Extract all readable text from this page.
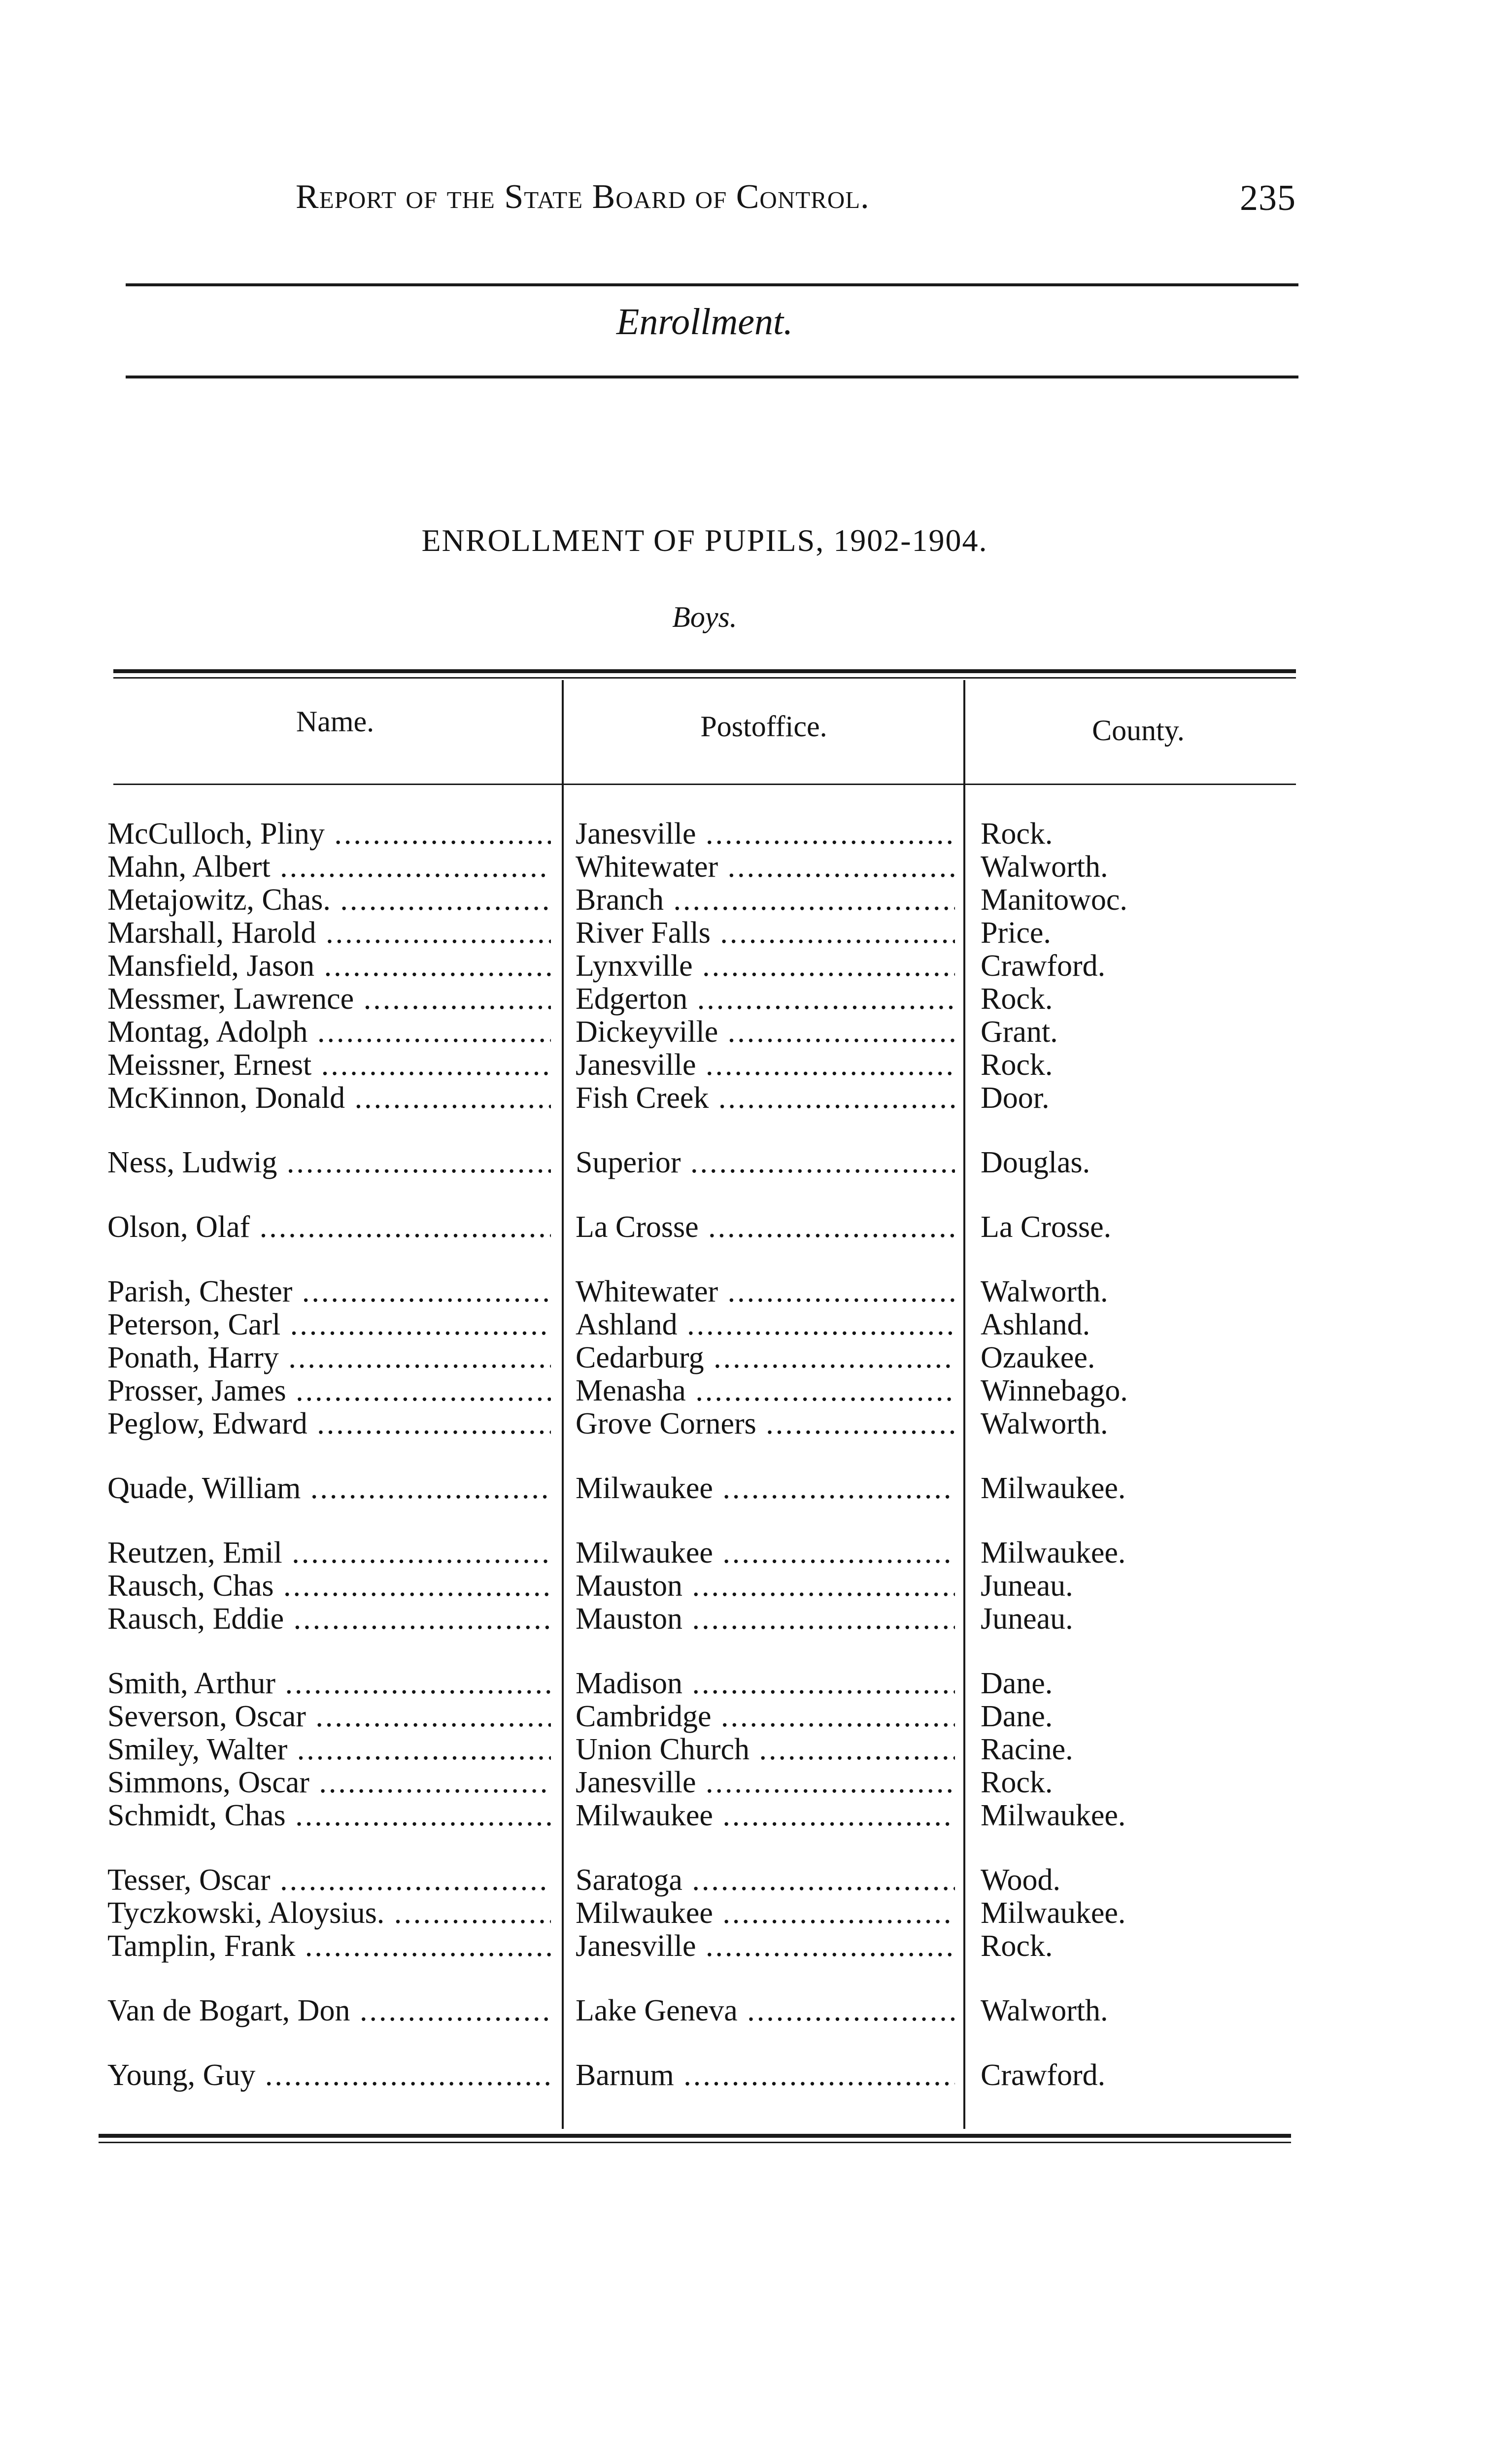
Report of the State Board of Control.	235
Enrollment.
ENROLLMENT OF PUPILS, 1902-1904.
Boys.
Name.	Postoffice.	County.
McCulloch, Pliny .....	Janesville .....	Rock.
Mahn, Albert .....	Whitewater .....	Walworth.
Metajowitz, Chas. .....	Branch .....	Manitowoc.
Marshall, Harold .....	River Falls .....	Price.
Mansfield, Jason .....	Lynxville .....	Crawford.
Messmer, Lawrence .....	Edgerton .....	Rock.
Montag, Adolph .....	Dickeyville .....	Grant.
Meissner, Ernest .....	Janesville .....	Rock.
McKinnon, Donald .....	Fish Creek .....	Door.
Ness, Ludwig .....	Superior .....	Douglas.
Olson, Olaf .....	La Crosse .....	La Crosse.
Parish, Chester .....	Whitewater .....	Walworth.
Peterson, Carl .....	Ashland .....	Ashland.
Ponath, Harry .....	Cedarburg .....	Ozaukee.
Prosser, James .....	Menasha .....	Winnebago.
Peglow, Edward .....	Grove Corners .....	Walworth.
Quade, William .....	Milwaukee .....	Milwaukee.
Reutzen, Emil .....	Milwaukee .....	Milwaukee.
Rausch, Chas .....	Mauston .....	Juneau.
Rausch, Eddie .....	Mauston .....	Juneau.
Smith, Arthur .....	Madison .....	Dane.
Severson, Oscar .....	Cambridge .....	Dane.
Smiley, Walter .....	Union Church .....	Racine.
Simmons, Oscar .....	Janesville .....	Rock.
Schmidt, Chas .....	Milwaukee .....	Milwaukee.
Tesser, Oscar .....	Saratoga .....	Wood.
Tyczkowski, Aloysius. .....	Milwaukee .....	Milwaukee.
Tamplin, Frank .....	Janesville .....	Rock.
Van de Bogart, Don .....	Lake Geneva .....	Walworth.
Young, Guy .....	Barnum .....	Crawford.
